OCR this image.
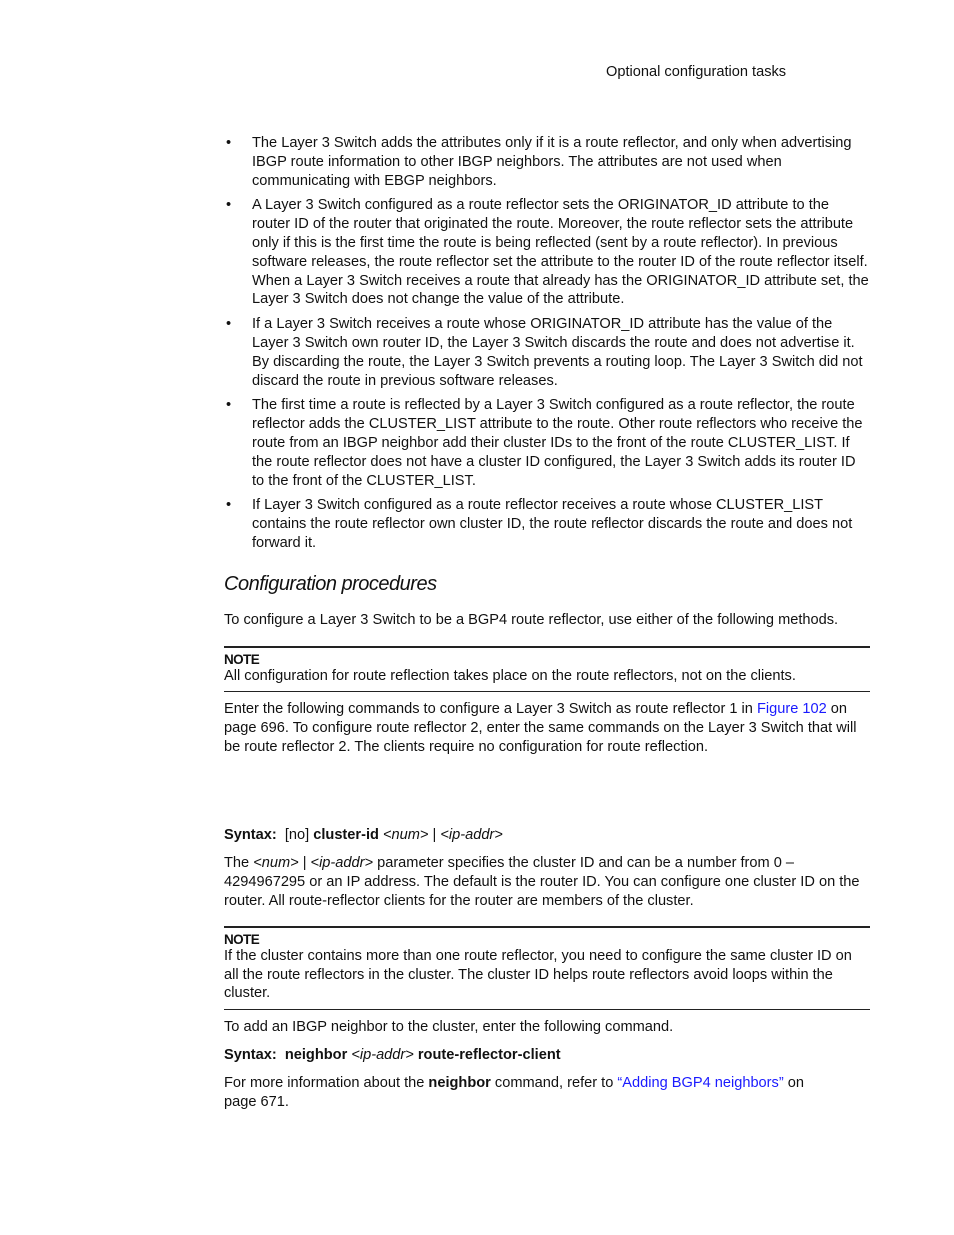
Optional configuration tasks
• The Layer 3 Switch adds the attributes only if it is a route reflector, and only when advertising IBGP route information to other IBGP neighbors. The attributes are not used when communicating with EBGP neighbors.
• A Layer 3 Switch configured as a route reflector sets the ORIGINATOR_ID attribute to the router ID of the router that originated the route. Moreover, the route reflector sets the attribute only if this is the first time the route is being reflected (sent by a route reflector). In previous software releases, the route reflector set the attribute to the router ID of the route reflector itself. When a Layer 3 Switch receives a route that already has the ORIGINATOR_ID attribute set, the Layer 3 Switch does not change the value of the attribute.
• If a Layer 3 Switch receives a route whose ORIGINATOR_ID attribute has the value of the Layer 3 Switch own router ID, the Layer 3 Switch discards the route and does not advertise it. By discarding the route, the Layer 3 Switch prevents a routing loop. The Layer 3 Switch did not discard the route in previous software releases.
• The first time a route is reflected by a Layer 3 Switch configured as a route reflector, the route reflector adds the CLUSTER_LIST attribute to the route. Other route reflectors who receive the route from an IBGP neighbor add their cluster IDs to the front of the route CLUSTER_LIST. If the route reflector does not have a cluster ID configured, the Layer 3 Switch adds its router ID to the front of the CLUSTER_LIST.
• If Layer 3 Switch configured as a route reflector receives a route whose CLUSTER_LIST contains the route reflector own cluster ID, the route reflector discards the route and does not forward it.
Configuration procedures
To configure a Layer 3 Switch to be a BGP4 route reflector, use either of the following methods.
NOTE
All configuration for route reflection takes place on the route reflectors, not on the clients.
Enter the following commands to configure a Layer 3 Switch as route reflector 1 in Figure 102 on page 696. To configure route reflector 2, enter the same commands on the Layer 3 Switch that will be route reflector 2. The clients require no configuration for route reflection.
Syntax: [no] cluster-id <num> | <ip-addr>
The <num> | <ip-addr> parameter specifies the cluster ID and can be a number from 0 – 4294967295 or an IP address. The default is the router ID. You can configure one cluster ID on the router. All route-reflector clients for the router are members of the cluster.
NOTE
If the cluster contains more than one route reflector, you need to configure the same cluster ID on all the route reflectors in the cluster. The cluster ID helps route reflectors avoid loops within the cluster.
To add an IBGP neighbor to the cluster, enter the following command.
Syntax: neighbor <ip-addr> route-reflector-client
For more information about the neighbor command, refer to “Adding BGP4 neighbors” on page 671.
